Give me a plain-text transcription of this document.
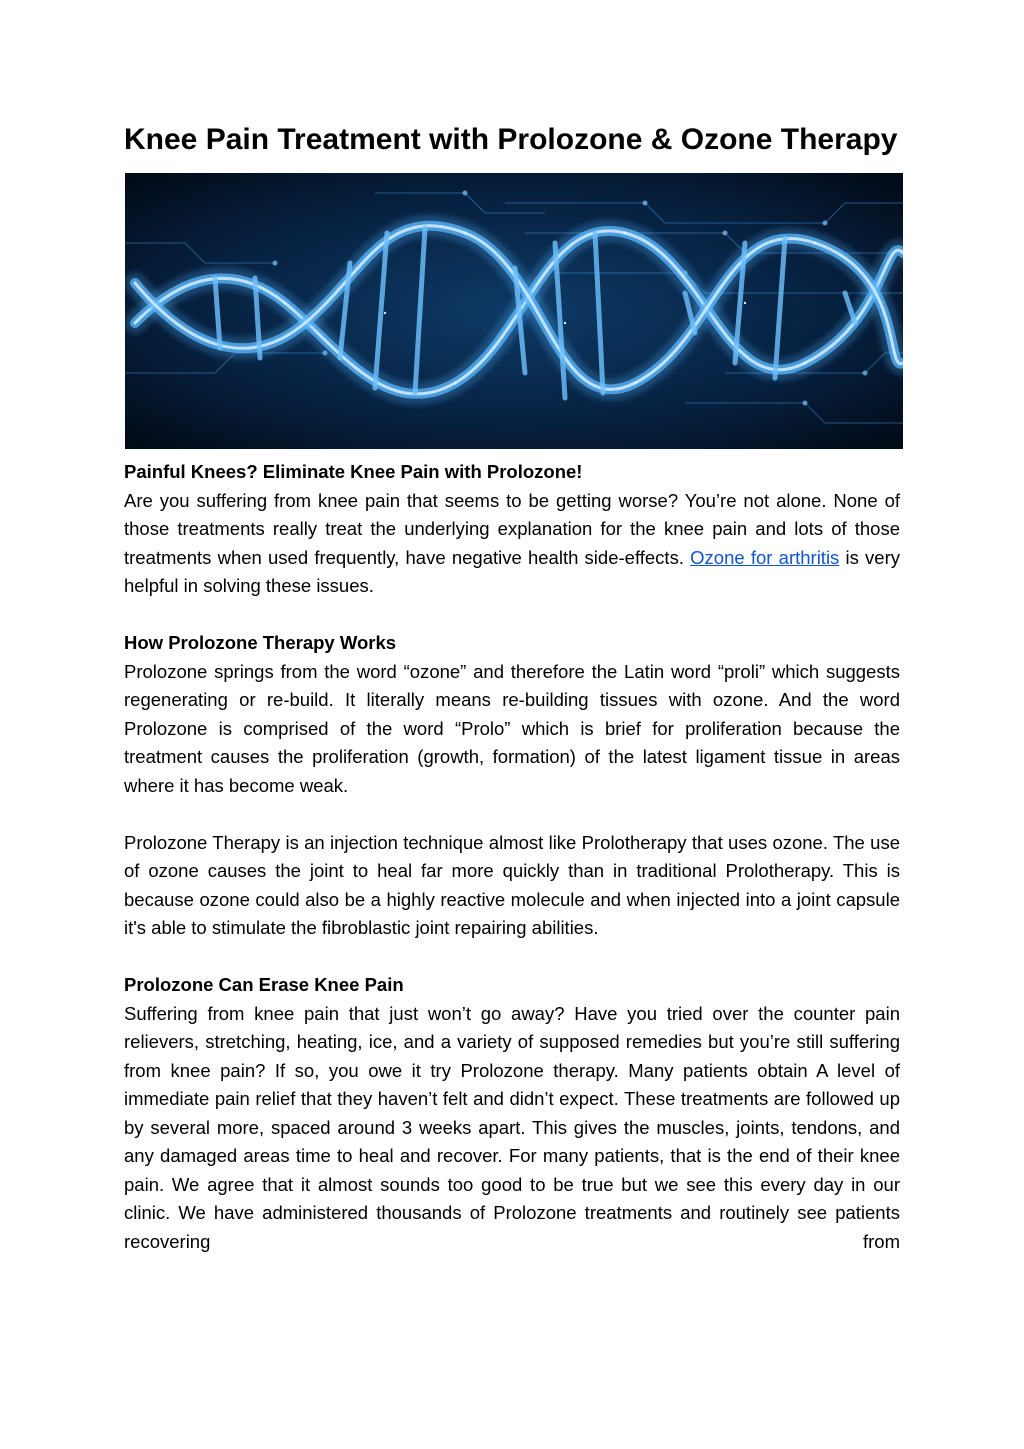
Knee Pain Treatment with Prolozone & Ozone Therapy
Painful Knees? Eliminate Knee Pain with Prolozone!

Are you suffering from knee pain that seems to be getting worse? You’re not alone. None of those treatments really treat the underlying explanation for the knee pain and lots of those treatments when used frequently, have negative health side-effects. Ozone for arthritis is very helpful in solving these issues.

How Prolozone Therapy Works

Prolozone springs from the word “ozone” and therefore the Latin word “proli” which suggests regenerating or re-build. It literally means re-building tissues with ozone. And the word Prolozone is comprised of the word “Prolo” which is brief for proliferation because the treatment causes the proliferation (growth, formation) of the latest ligament tissue in areas where it has become weak.

Prolozone Therapy is an injection technique almost like Prolotherapy that uses ozone. The use of ozone causes the joint to heal far more quickly than in traditional Prolotherapy. This is because ozone could also be a highly reactive molecule and when injected into a joint capsule it's able to stimulate the fibroblastic joint repairing abilities.

Prolozone Can Erase Knee Pain

Suffering from knee pain that just won’t go away? Have you tried over the counter pain relievers, stretching, heating, ice, and a variety of supposed remedies but you’re still suffering from knee pain? If so, you owe it try Prolozone therapy. Many patients obtain A level of immediate pain relief that they haven’t felt and didn’t expect. These treatments are followed up by several more, spaced around 3 weeks apart. This gives the muscles, joints, tendons, and any damaged areas time to heal and recover. For many patients, that is the end of their knee pain. We agree that it almost sounds too good to be true but we see this every day in our clinic. We have administered thousands of Prolozone treatments and routinely see patients recovering from
